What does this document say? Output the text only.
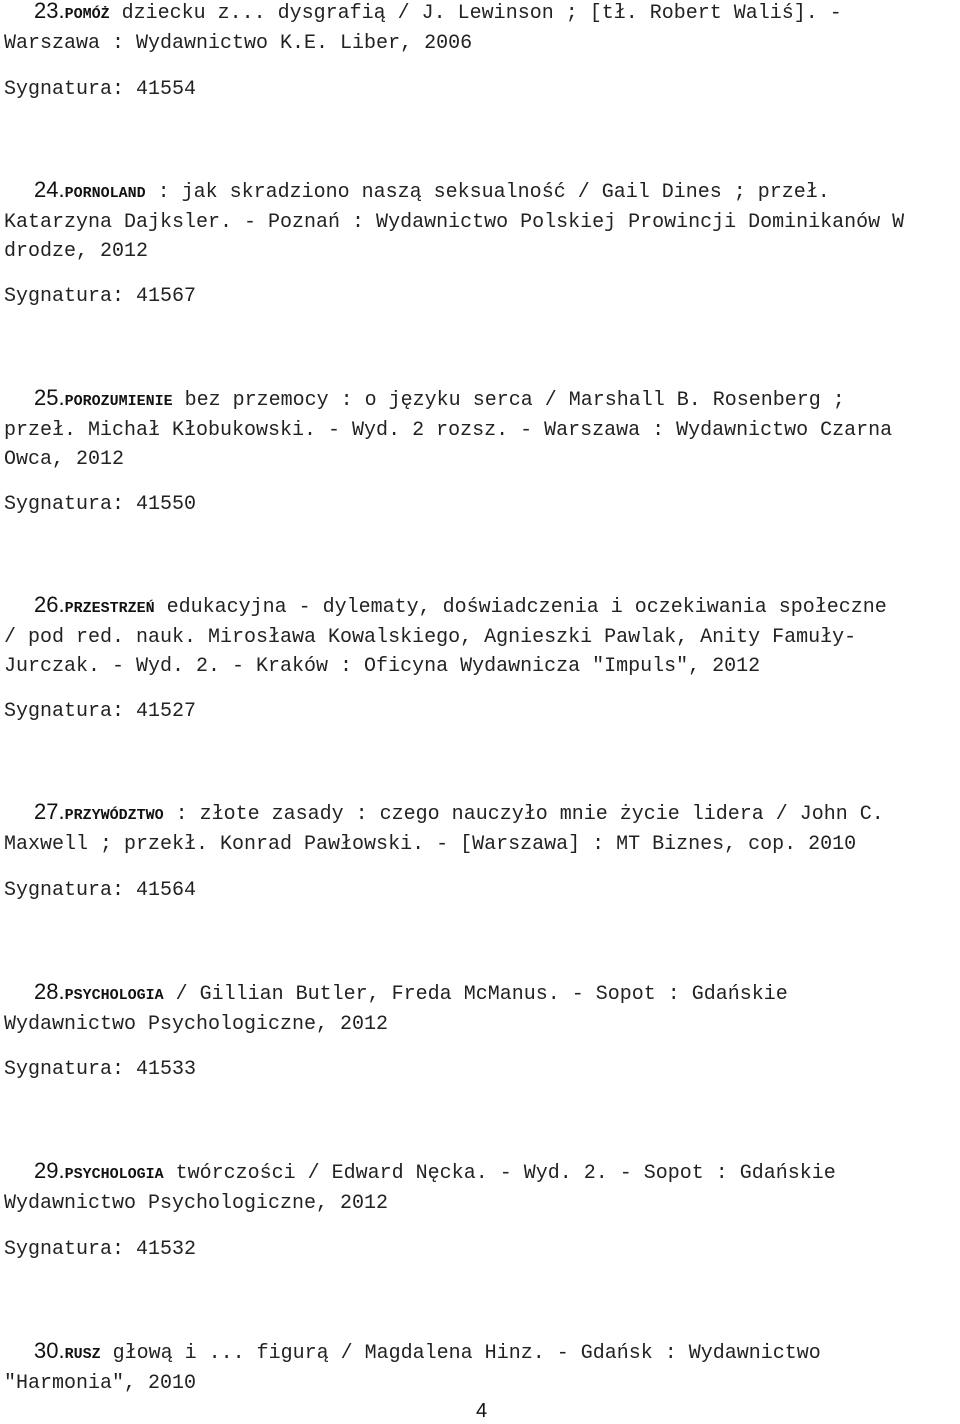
23.POMÓŻ dziecku z... dysgrafią / J. Lewinson ; [tł. Robert Waliś]. -
Warszawa : Wydawnictwo K.E. Liber, 2006
Sygnatura: 41554
24.PORNOLAND : jak skradziono naszą seksualność / Gail Dines ; przeł.
Katarzyna Dajksler. - Poznań : Wydawnictwo Polskiej Prowincji Dominikanów W
drodze, 2012
Sygnatura: 41567
25.POROZUMIENIE bez przemocy : o języku serca / Marshall B. Rosenberg ;
przeł. Michał Kłobukowski. - Wyd. 2 rozsz. - Warszawa : Wydawnictwo Czarna
Owca, 2012
Sygnatura: 41550
26.PRZESTRZEŃ edukacyjna - dylematy, doświadczenia i oczekiwania społeczne
/ pod red. nauk. Mirosława Kowalskiego, Agnieszki Pawlak, Anity Famuły-
Jurczak. - Wyd. 2. - Kraków : Oficyna Wydawnicza "Impuls", 2012
Sygnatura: 41527
27.PRZYWÓDZTWO : złote zasady : czego nauczyło mnie życie lidera / John C.
Maxwell ; przekł. Konrad Pawłowski. - [Warszawa] : MT Biznes, cop. 2010
Sygnatura: 41564
28.PSYCHOLOGIA / Gillian Butler, Freda McManus. - Sopot : Gdańskie
Wydawnictwo Psychologiczne, 2012
Sygnatura: 41533
29.PSYCHOLOGIA twórczości / Edward Nęcka. - Wyd. 2. - Sopot : Gdańskie
Wydawnictwo Psychologiczne, 2012
Sygnatura: 41532
30.RUSZ głową i ... figurą / Magdalena Hinz. - Gdańsk : Wydawnictwo
"Harmonia", 2010
4
